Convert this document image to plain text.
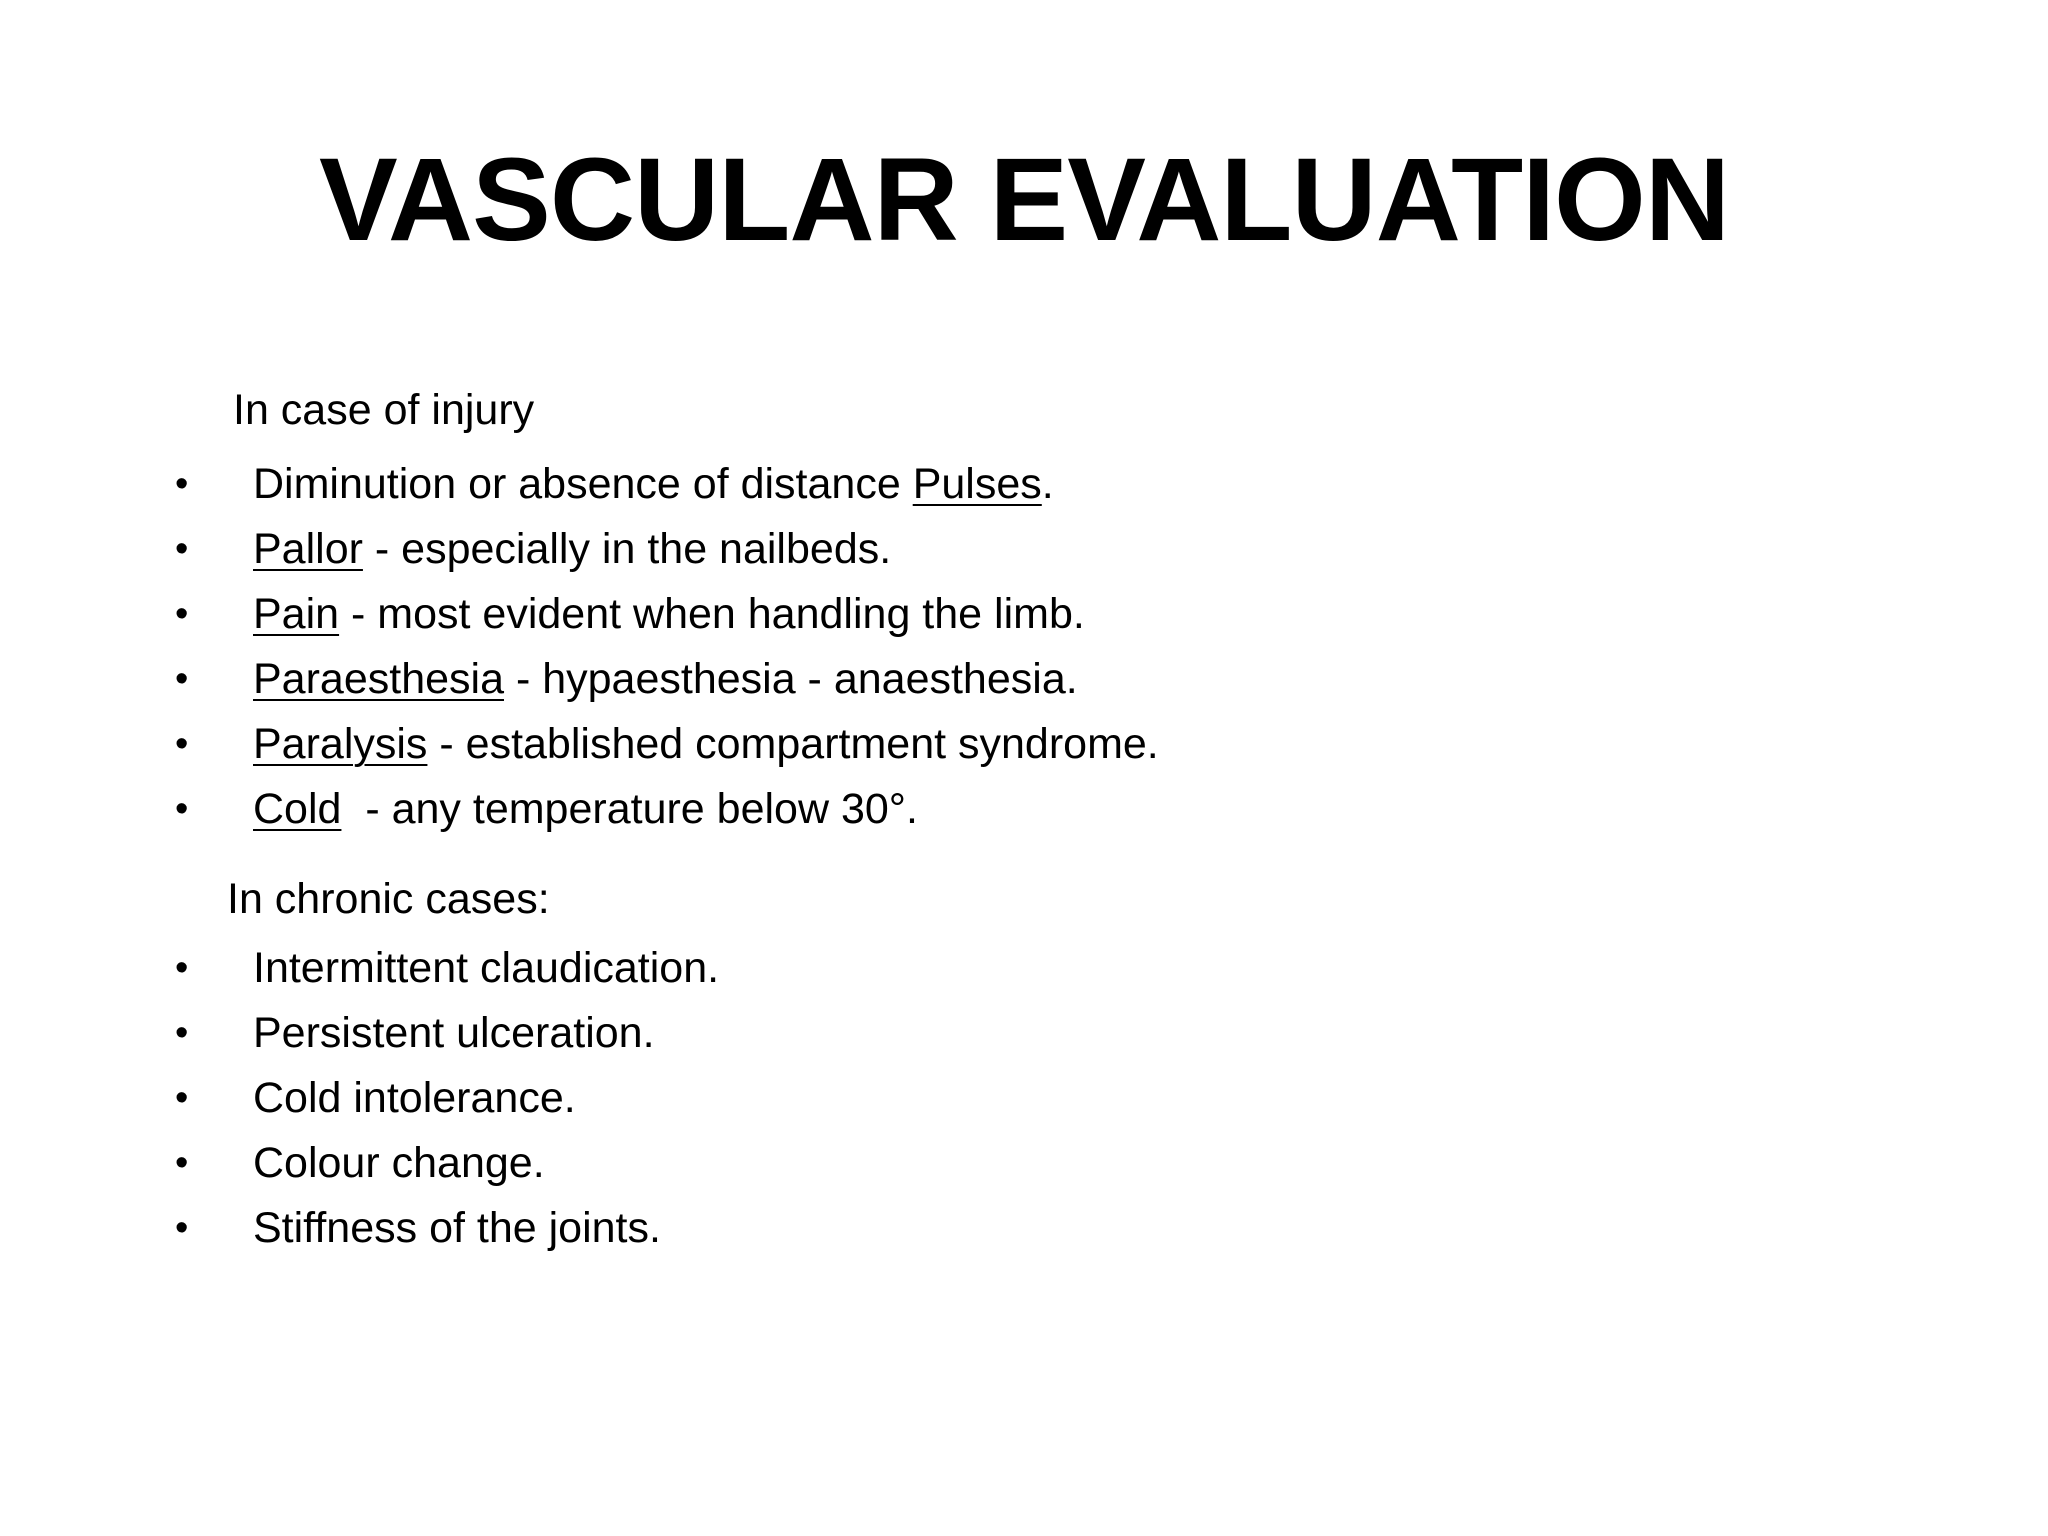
VASCULAR EVALUATION

In case of injury

• Diminution or absence of distance Pulses.
• Pallor - especially in the nailbeds.
• Pain - most evident when handling the limb.
• Paraesthesia - hypaesthesia - anaesthesia.
• Paralysis - established compartment syndrome.
• Cold  - any temperature below 30°.

In chronic cases:

• Intermittent claudication.
• Persistent ulceration.
• Cold intolerance.
• Colour change.
• Stiffness of the joints.
